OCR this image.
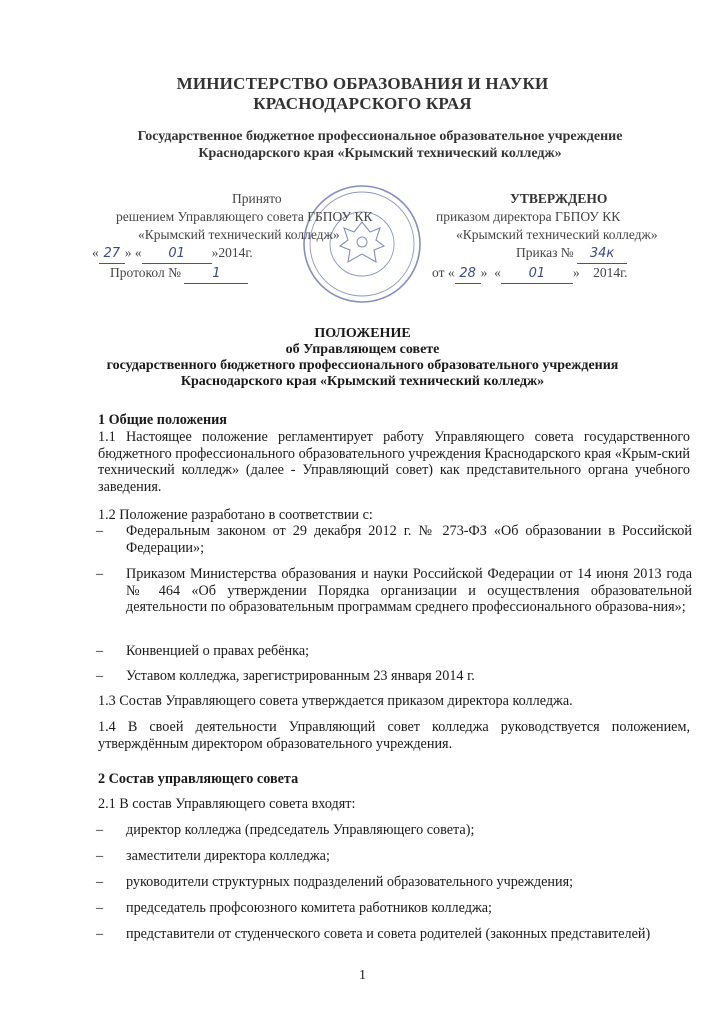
МИНИСТЕРСТВО ОБРАЗОВАНИЯ И НАУКИ
КРАСНОДАРСКОГО КРАЯ
Государственное бюджетное профессиональное образовательное учреждение
Краснодарского края «Крымский технический колледж»
Принято
решением Управляющего совета ГБПОУ КК
«Крымский технический колледж»
« 27 » « 01 »2014г.
Протокол № 1
УТВЕРЖДЕНО
приказом директора ГБПОУ КК
«Крымский технический колледж»
Приказ № 34к
от « 28 »  « 01 »    2014г.
ПОЛОЖЕНИЕ
об Управляющем совете
государственного бюджетного профессионального образовательного учреждения
Краснодарского края «Крымский технический колледж»
1 Общие положения
1.1 Настоящее положение регламентирует работу Управляющего совета государственного бюджетного профессионального образовательного учреждения Краснодарского края «Крым-ский технический колледж» (далее - Управляющий совет) как представительного органа учебного заведения.
1.2 Положение разработано в соответствии с:
– Федеральным законом от 29 декабря 2012 г. № 273-ФЗ «Об образовании в Российской Федерации»;
– Приказом Министерства образования и науки Российской Федерации от 14 июня 2013 года № 464 «Об утверждении Порядка организации и осуществления образовательной деятельности по образовательным программам среднего профессионального образова-ния»;
– Конвенцией о правах ребёнка;
– Уставом колледжа, зарегистрированным 23 января 2014 г.
1.3 Состав Управляющего совета утверждается приказом директора колледжа.
1.4 В своей деятельности Управляющий совет колледжа руководствуется положением, утверждённым директором образовательного учреждения.
2 Состав управляющего совета
2.1 В состав Управляющего совета входят:
– директор колледжа (председатель Управляющего совета);
– заместители директора колледжа;
– руководители структурных подразделений образовательного учреждения;
– председатель профсоюзного комитета работников колледжа;
– представители от студенческого совета и совета родителей (законных представителей)
1
